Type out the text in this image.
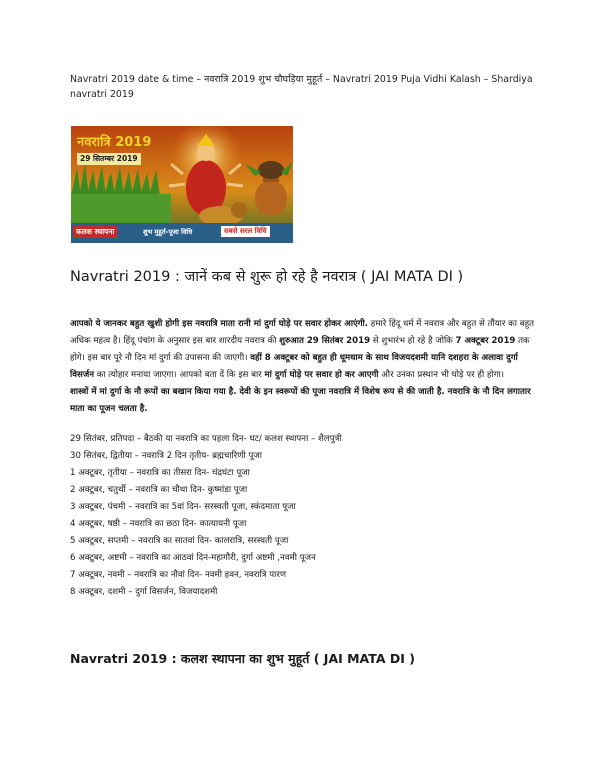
Navratri 2019 date & time – नवरात्रि 2019 शुभ चौघड़िया मुहूर्त – Navratri 2019 Puja Vidhi Kalash – Shardiya navratri 2019
नवरात्रि 2019
29 सितम्बर 2019
कलश स्थापना	शुभ मुहूर्त-पूजा विधि	सबसे सरल विधि
Navratri 2019 : जानें कब से शुरू हो रहे है नवरात्र ( JAI MATA DI )

आपको ये जानकर बहुत खुशी होगी इस नवरात्रि माता रानी मां दुर्गा घोड़े पर सवार होकर आएंगी. हमारे हिंदू धर्म में नवरात्र और बहुत से तौंयार का बहुत अधिक महत्व है। हिंदू पंचांग के अनुसार इस बार शारदीय नवरात्र की शुरुआत 29 सितंबर 2019 से शुभारंभ हो रहे है जोकि 7 अक्टूबर 2019 तक होगे। इस बार पूरे नौ दिन मां दुर्गा की उपासना की जाएगी। वहीं 8 अक्टूबर को बहुत ही धूमधाम के साथ विजयदशमी यानि दशहरा के अलावा दुर्गा विसर्जन का त्योहार मनाया जाएगा। आपको बता दें कि इस बार मां दुर्गा घोड़े पर सवार हो कर आएगी और उनका प्रस्थान भी घोड़े पर ही होगा।
शास्त्रों में मां दुर्गा के नौ रूपों का बखान किया गया है. देवी के इन स्वरूपों की पूजा नवरात्रि में विशेष रूप से की जाती है. नवरात्रि के नौ दिन लगातार माता का पूजन चलता है.

29 सितंबर, प्रतिपदा – बैठकी या नवरात्रि का पहला दिन- घट/ कलश स्थापना – शैलपुत्री
30 सितंबर, द्वितीया – नवरात्रि 2 दिन तृतीय- ब्रह्मचारिणी पूजा
1 अक्टूबर, तृतीया – नवरात्रि का तीसरा दिन- चंद्रघंटा पूजा
2 अक्टूबर, चतुर्थी – नवरात्रि का चौथा दिन- कुष्मांडा पूजा
3 अक्टूबर, पंचमी – नवरात्रि का 5वां दिन- सरस्वती पूजा, स्कंदमाता पूजा
4 अक्टूबर, षष्ठी – नवरात्रि का छठा दिन- कात्यायनी पूजा
5 अक्टूबर, सप्तमी – नवरात्रि का सातवां दिन- कालरात्रि, सरस्वती पूजा
6 अक्टूबर, अष्टमी – नवरात्रि का आठवां दिन-महागौरी, दुर्गा अष्टमी ,नवमी पूजन
7 अक्टूबर, नवमी – नवरात्रि का नौवां दिन- नवमी हवन, नवरात्रि पारण
8 अक्टूबर, दशमी – दुर्गा विसर्जन, विजयादशमी
Navratri 2019 : कलश स्थापना का शुभ मुहूर्त ( JAI MATA DI )
